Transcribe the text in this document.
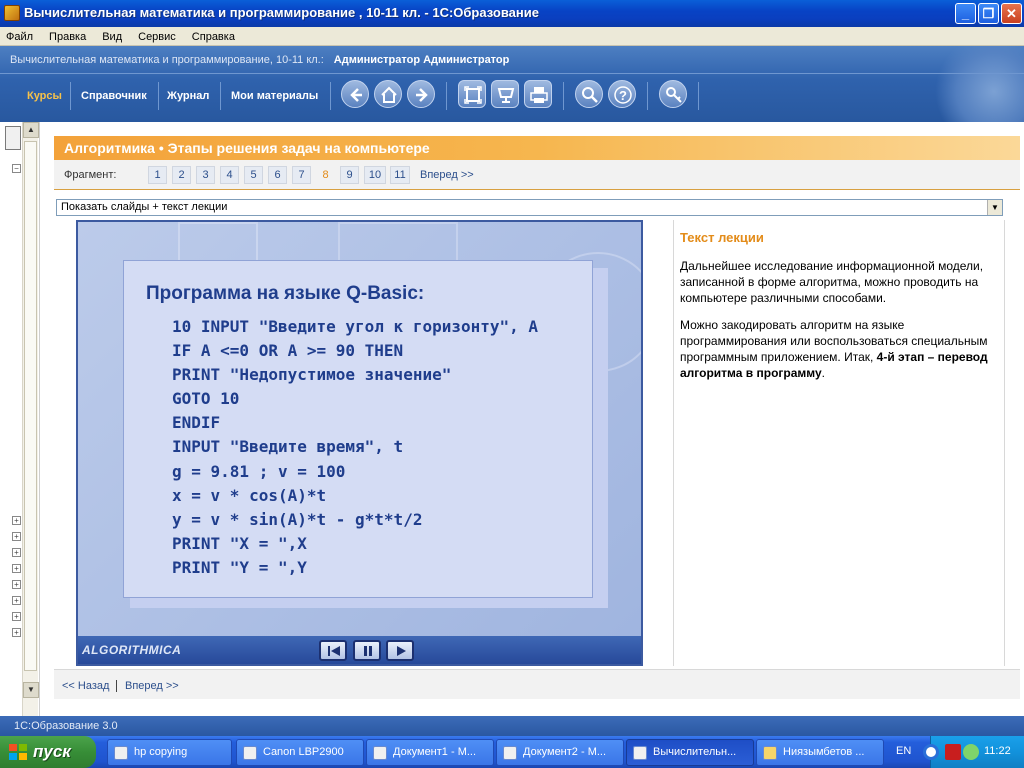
Вычислительная математика и программирование , 10-11 кл. - 1С:Образование	_	❐ ✕
Файл Правка Вид Сервис Справка
Вычислительная математика и программирование, 10-11 кл.: Администратор Администратор
Курсы Справочник Журнал Мои материалы	?
−
+
+
+
+
+
+
+
+
▲
▼
Алгоритмика • Этапы решения задач на компьютере
Фрагмент:	1	2	3	4	5	6	7	8	9	10	11	Вперед >>
Показать слайды + текст лекции	▼
Программа на языке Q-Basic:
10 INPUT "Введите угол к горизонту", A
IF A <=0 OR A >= 90 THEN
PRINT "Недопустимое значение"
GOTO 10
ENDIF
INPUT "Введите время", t
g = 9.81 ; v = 100
x = v * cos(A)*t
y = v * sin(A)*t - g*t*t/2
PRINT "X = ",X
PRINT "Y = ",Y
ALGORITHMICA
Текст лекции
Дальнейшее исследование информационной модели, записанной в форме алгоритма, можно проводить на компьютере различными способами.
Можно закодировать алгоритм на языке программирования или воспользоваться специальным программным приложением. Итак, 4-й этап – перевод алгоритма в программу.
<< Назад	Вперед >>
1С:Образование 3.0
пуск	hp copying	Canon LBP2900	Документ1 - М...	Документ2 - М...	Вычислительн...	Ниязымбетов ...	EN	11:22
